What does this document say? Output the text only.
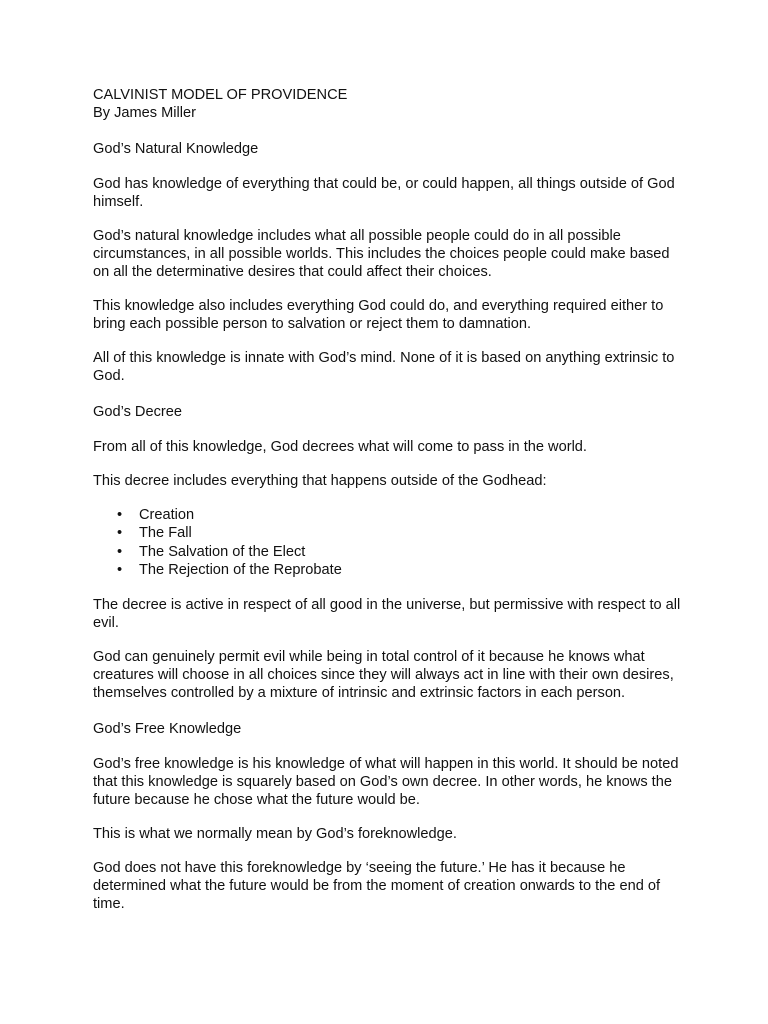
CALVINIST MODEL OF PROVIDENCE
By James Miller
God’s Natural Knowledge

God has knowledge of everything that could be, or could happen, all things outside of God himself.

God’s natural knowledge includes what all possible people could do in all possible circumstances, in all possible worlds. This includes the choices people could make based on all the determinative desires that could affect their choices.

This knowledge also includes everything God could do, and everything required either to bring each possible person to salvation or reject them to damnation.

All of this knowledge is innate with God’s mind. None of it is based on anything extrinsic to God.

God’s Decree

From all of this knowledge, God decrees what will come to pass in the world.

This decree includes everything that happens outside of the Godhead:

• Creation
• The Fall
• The Salvation of the Elect
• The Rejection of the Reprobate

The decree is active in respect of all good in the universe, but permissive with respect to all evil.

God can genuinely permit evil while being in total control of it because he knows what creatures will choose in all choices since they will always act in line with their own desires, themselves controlled by a mixture of intrinsic and extrinsic factors in each person.

God’s Free Knowledge

God’s free knowledge is his knowledge of what will happen in this world. It should be noted that this knowledge is squarely based on God’s own decree. In other words, he knows the future because he chose what the future would be.

This is what we normally mean by God’s foreknowledge.

God does not have this foreknowledge by ‘seeing the future.’ He has it because he determined what the future would be from the moment of creation onwards to the end of time.
